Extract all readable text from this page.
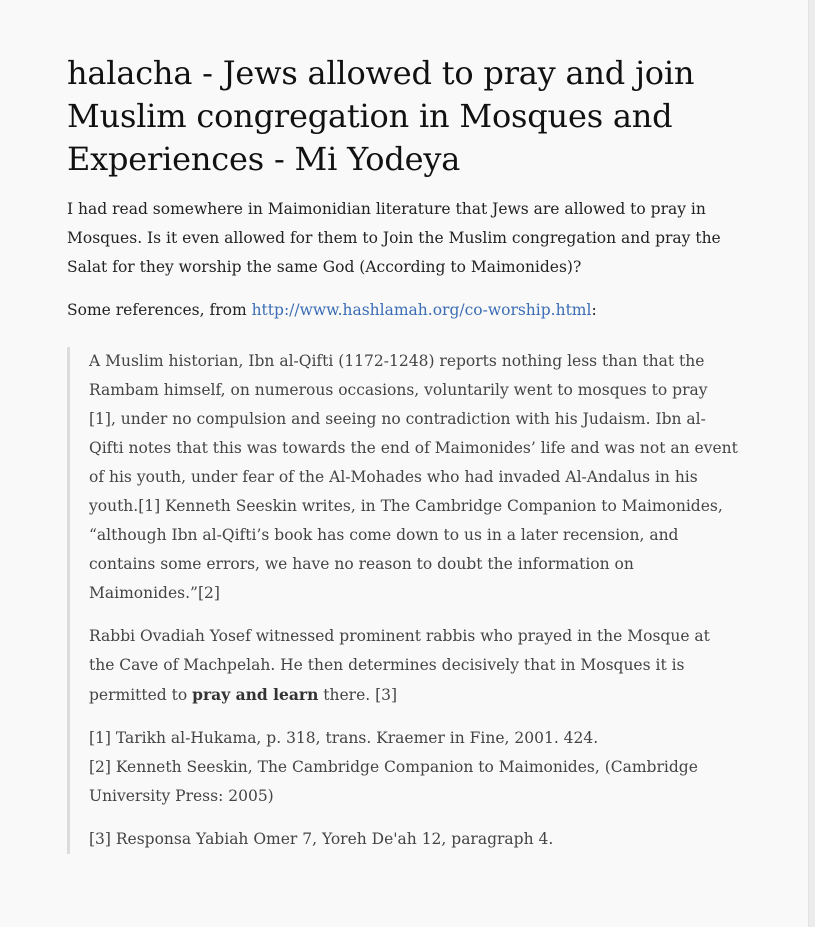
halacha - Jews allowed to pray and join Muslim congregation in Mosques and Experiences - Mi Yodeya

I had read somewhere in Maimonidian literature that Jews are allowed to pray in Mosques. Is it even allowed for them to Join the Muslim congregation and pray the Salat for they worship the same God (According to Maimonides)?

Some references, from http://www.hashlamah.org/co-worship.html:

A Muslim historian, Ibn al-Qifti (1172-1248) reports nothing less than that the Rambam himself, on numerous occasions, voluntarily went to mosques to pray [1], under no compulsion and seeing no contradiction with his Judaism. Ibn al-Qifti notes that this was towards the end of Maimonides’ life and was not an event of his youth, under fear of the Al-Mohades who had invaded Al-Andalus in his youth.[1] Kenneth Seeskin writes, in The Cambridge Companion to Maimonides, “although Ibn al-Qifti’s book has come down to us in a later recension, and contains some errors, we have no reason to doubt the information on Maimonides.”[2]

Rabbi Ovadiah Yosef witnessed prominent rabbis who prayed in the Mosque at the Cave of Machpelah. He then determines decisively that in Mosques it is permitted to pray and learn there. [3]

[1] Tarikh al-Hukama, p. 318, trans. Kraemer in Fine, 2001. 424.
[2] Kenneth Seeskin, The Cambridge Companion to Maimonides, (Cambridge University Press: 2005)

[3] Responsa Yabiah Omer 7, Yoreh De'ah 12, paragraph 4.
